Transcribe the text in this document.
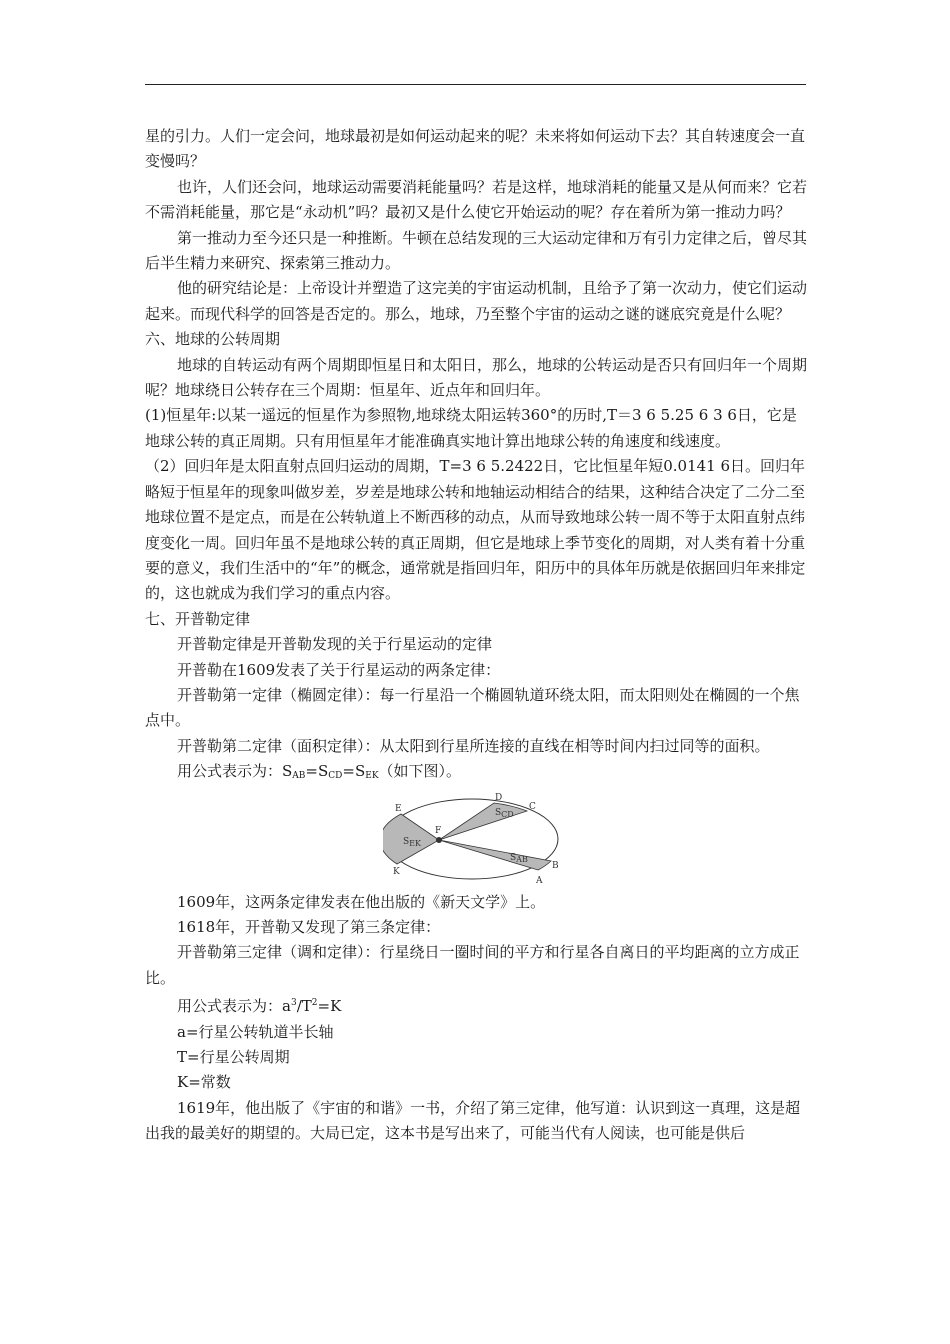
星的引力。人们一定会问，地球最初是如何运动起来的呢？未来将如何运动下去？其自转速度会一直变慢吗？

也许，人们还会问，地球运动需要消耗能量吗？若是这样，地球消耗的能量又是从何而来？它若不需消耗能量，那它是“永动机”吗？最初又是什么使它开始运动的呢？存在着所为第一推动力吗？

第一推动力至今还只是一种推断。牛顿在总结发现的三大运动定律和万有引力定律之后，曾尽其后半生精力来研究、探索第三推动力。

他的研究结论是：上帝设计并塑造了这完美的宇宙运动机制，且给予了第一次动力，使它们运动起来。而现代科学的回答是否定的。那么，地球，乃至整个宇宙的运动之谜的谜底究竟是什么呢？

六、地球的公转周期

地球的自转运动有两个周期即恒星日和太阳日，那么，地球的公转运动是否只有回归年一个周期呢？地球绕日公转存在三个周期：恒星年、近点年和回归年。

(1)恒星年:以某一遥远的恒星作为参照物,地球绕太阳运转360°的历时,T＝3 6 5.25 6 3 6日，它是地球公转的真正周期。只有用恒星年才能准确真实地计算出地球公转的角速度和线速度。

（2）回归年是太阳直射点回归运动的周期，T=3 6 5.2422日，它比恒星年短0.0141 6日。回归年略短于恒星年的现象叫做岁差，岁差是地球公转和地轴运动相结合的结果，这种结合决定了二分二至地球位置不是定点，而是在公转轨道上不断西移的动点，从而导致地球公转一周不等于太阳直射点纬度变化一周。回归年虽不是地球公转的真正周期，但它是地球上季节变化的周期，对人类有着十分重要的意义，我们生活中的“年”的概念，通常就是指回归年，阳历中的具体年历就是依据回归年来排定的，这也就成为我们学习的重点内容。

七、开普勒定律

开普勒定律是开普勒发现的关于行星运动的定律

开普勒在1609发表了关于行星运动的两条定律：

开普勒第一定律（椭圆定律）：每一行星沿一个椭圆轨道环绕太阳，而太阳则处在椭圆的一个焦点中。

开普勒第二定律（面积定律）：从太阳到行星所连接的直线在相等时间内扫过同等的面积。

用公式表示为：$S_{AB}=S_{CD}=S_{EK}$（如下图）。

E
D
C
F
B
A
K
SEK
SCD
SAB

1609年，这两条定律发表在他出版的《新天文学》上。

1618年，开普勒又发现了第三条定律：

开普勒第三定律（调和定律）：行星绕日一圈时间的平方和行星各自离日的平均距离的立方成正比。

用公式表示为：$a^3/T^2=K$

a=行星公转轨道半长轴

T=行星公转周期

K=常数

1619年，他出版了《宇宙的和谐》一书，介绍了第三定律，他写道：认识到这一真理，这是超出我的最美好的期望的。大局已定，这本书是写出来了，可能当代有人阅读，也可能是供后
